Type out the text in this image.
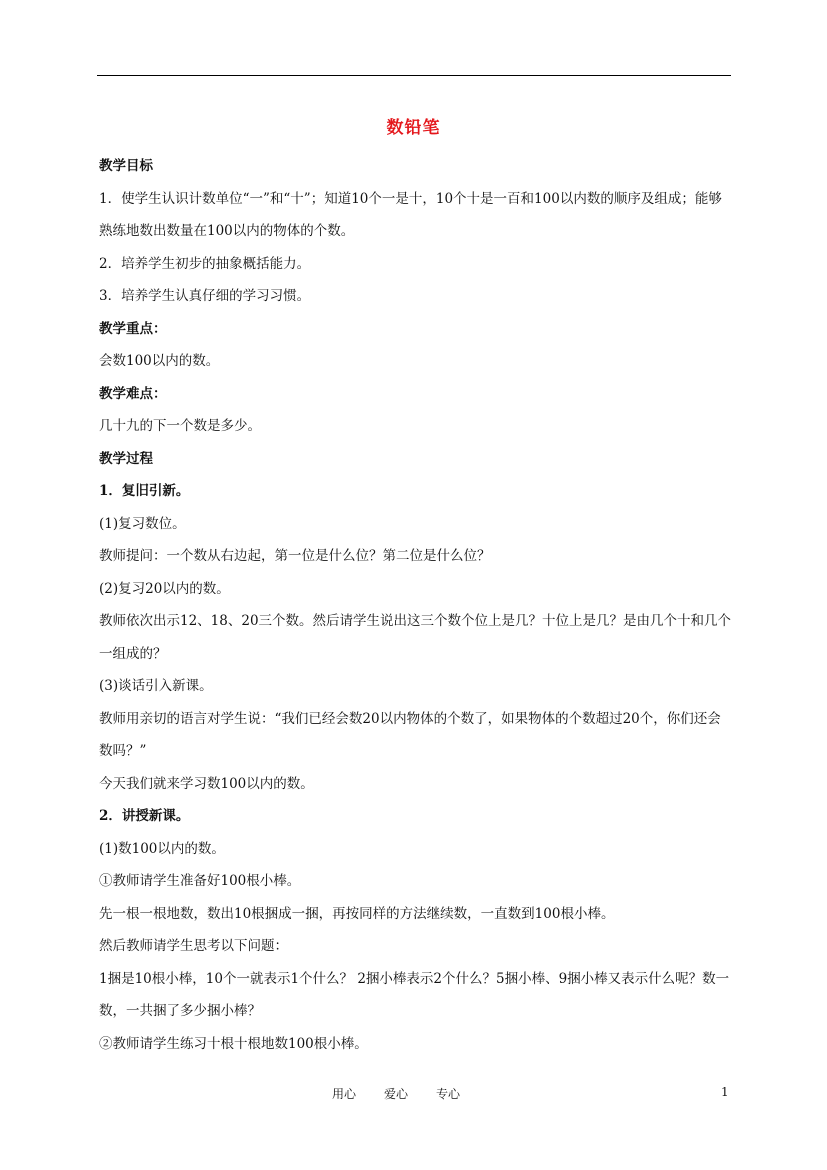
数铅笔

教学目标

1．使学生认识计数单位“一”和“十”；知道10个一是十，10个十是一百和100以内数的顺序及组成；能够熟练地数出数量在100以内的物体的个数。

2．培养学生初步的抽象概括能力。

3．培养学生认真仔细的学习习惯。

教学重点：

会数100以内的数。

教学难点：

几十九的下一个数是多少。

教学过程

1．复旧引新。

(1)复习数位。

教师提问：一个数从右边起，第一位是什么位？第二位是什么位？

(2)复习20以内的数。

教师依次出示12、18、20三个数。然后请学生说出这三个数个位上是几？十位上是几？是由几个十和几个一组成的？

(3)谈话引入新课。

教师用亲切的语言对学生说：“我们已经会数20以内物体的个数了，如果物体的个数超过20个，你们还会数吗？”

今天我们就来学习数100以内的数。

2．讲授新课。

(1)数100以内的数。

①教师请学生准备好100根小棒。

先一根一根地数，数出10根捆成一捆，再按同样的方法继续数，一直数到100根小棒。

然后教师请学生思考以下问题：

1捆是10根小棒，10个一就表示1个什么？ 2捆小棒表示2个什么？5捆小棒、9捆小棒又表示什么呢？数一数，一共捆了多少捆小棒？

②教师请学生练习十根十根地数100根小棒。

用心 爱心 专心	1
